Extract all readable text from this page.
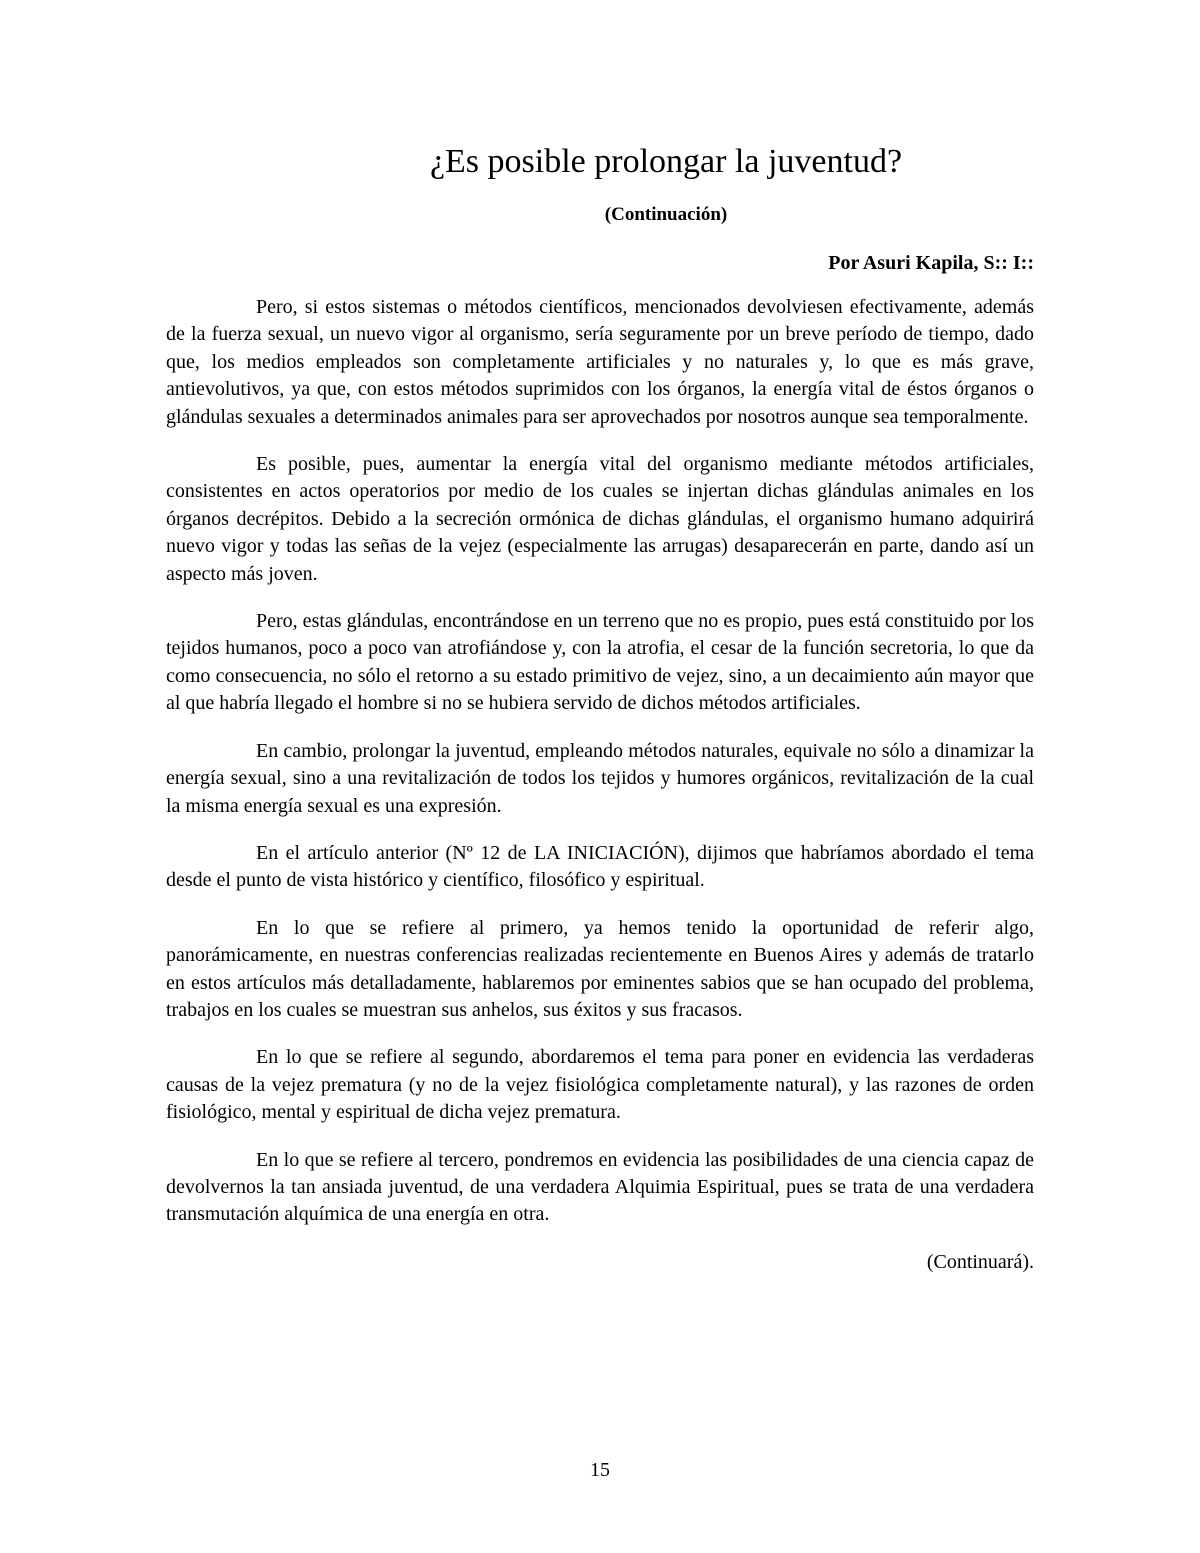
¿Es posible prolongar la juventud?
(Continuación)
Por Asuri Kapila, S:: I::

Pero, si estos sistemas o métodos científicos, mencionados devolviesen efectivamente, además de la fuerza sexual, un nuevo vigor al organismo, sería seguramente por un breve período de tiempo, dado que, los medios empleados son completamente artificiales y no naturales y, lo que es más grave, antievolutivos, ya que, con estos métodos suprimidos con los órganos, la energía vital de éstos órganos o glándulas sexuales a determinados animales para ser aprovechados por nosotros aunque sea temporalmente.

Es posible, pues, aumentar la energía vital del organismo mediante métodos artificiales, consistentes en actos operatorios por medio de los cuales se injertan dichas glándulas animales en los órganos decrépitos. Debido a la secreción ormónica de dichas glándulas, el organismo humano adquirirá nuevo vigor y todas las señas de la vejez (especialmente las arrugas) desaparecerán en parte, dando así un aspecto más joven.

Pero, estas glándulas, encontrándose en un terreno que no es propio, pues está constituido por los tejidos humanos, poco a poco van atrofiándose y, con la atrofia, el cesar de la función secretoria, lo que da como consecuencia, no sólo el retorno a su estado primitivo de vejez, sino, a un decaimiento aún mayor que al que habría llegado el hombre si no se hubiera servido de dichos métodos artificiales.

En cambio, prolongar la juventud, empleando métodos naturales, equivale no sólo a dinamizar la energía sexual, sino a una revitalización de todos los tejidos y humores orgánicos, revitalización de la cual la misma energía sexual es una expresión.

En el artículo anterior (Nº 12 de LA INICIACIÓN), dijimos que habríamos abordado el tema desde el punto de vista histórico y científico, filosófico y espiritual.

En lo que se refiere al primero, ya hemos tenido la oportunidad de referir algo, panorámicamente, en nuestras conferencias realizadas recientemente en Buenos Aires y además de tratarlo en estos artículos más detalladamente, hablaremos por eminentes sabios que se han ocupado del problema, trabajos en los cuales se muestran sus anhelos, sus éxitos y sus fracasos.

En lo que se refiere al segundo, abordaremos el tema para poner en evidencia las verdaderas causas de la vejez prematura (y no de la vejez fisiológica completamente natural), y las razones de orden fisiológico, mental y espiritual de dicha vejez prematura.

En lo que se refiere al tercero, pondremos en evidencia las posibilidades de una ciencia capaz de devolvernos la tan ansiada juventud, de una verdadera Alquimia Espiritual, pues se trata de una verdadera transmutación alquímica de una energía en otra.

(Continuará).
15
